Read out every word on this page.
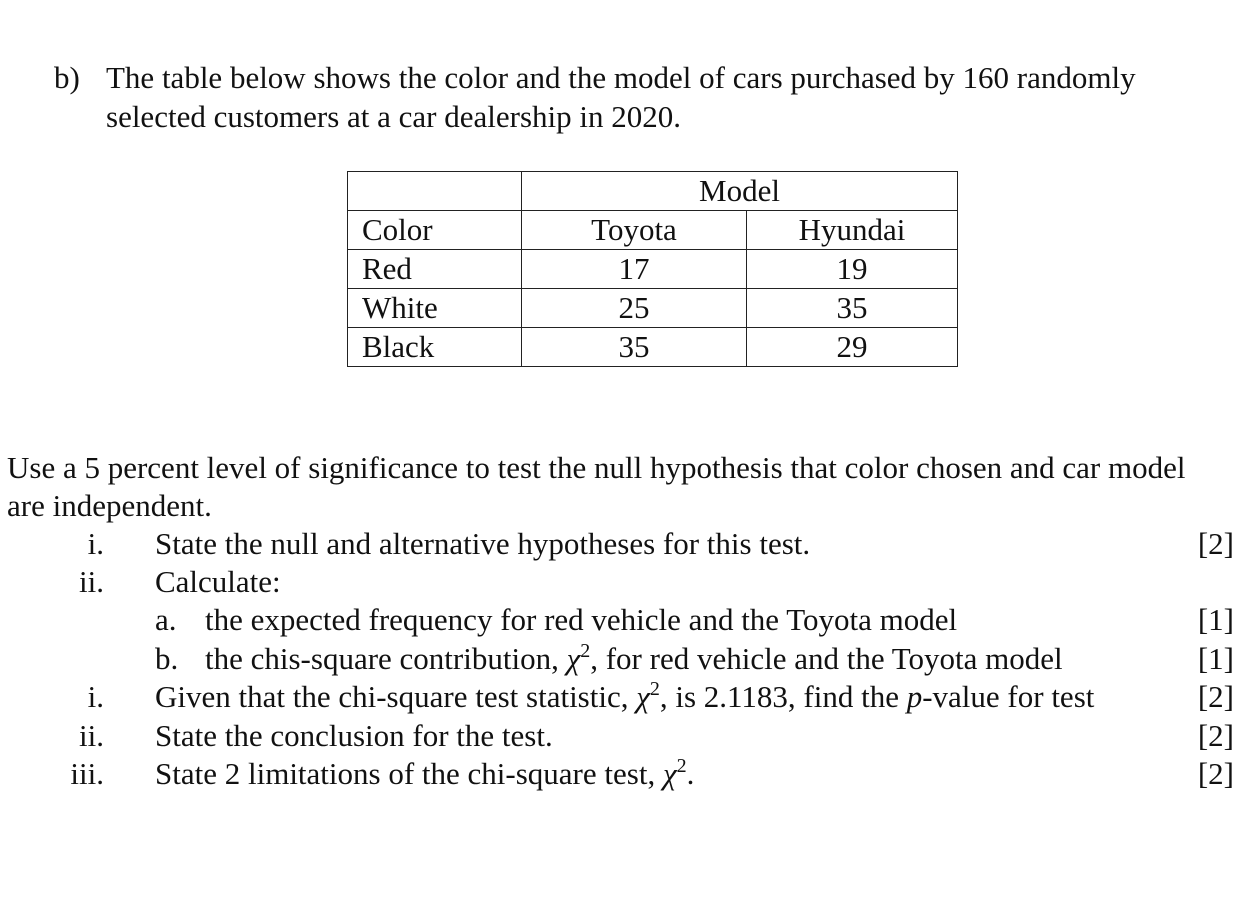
b) The table below shows the color and the model of cars purchased by 160 randomly
selected customers at a car dealership in 2020.
	Model	
Color	Toyota	Hyundai
Red	17	19
White	25	35
Black	35	29
Use a 5 percent level of significance to test the null hypothesis that color chosen and car model
are independent.
i. State the null and alternative hypotheses for this test.	[2]
ii. Calculate:
a. the expected frequency for red vehicle and the Toyota model	[1]
b. the chis-square contribution, $\chi^2$, for red vehicle and the Toyota model	[1]
i. Given that the chi-square test statistic, $\chi^2$, is 2.1183, find the p-value for test	[2]
ii. State the conclusion for the test.	[2]
iii. State 2 limitations of the chi-square test, $\chi^2$.	[2]
